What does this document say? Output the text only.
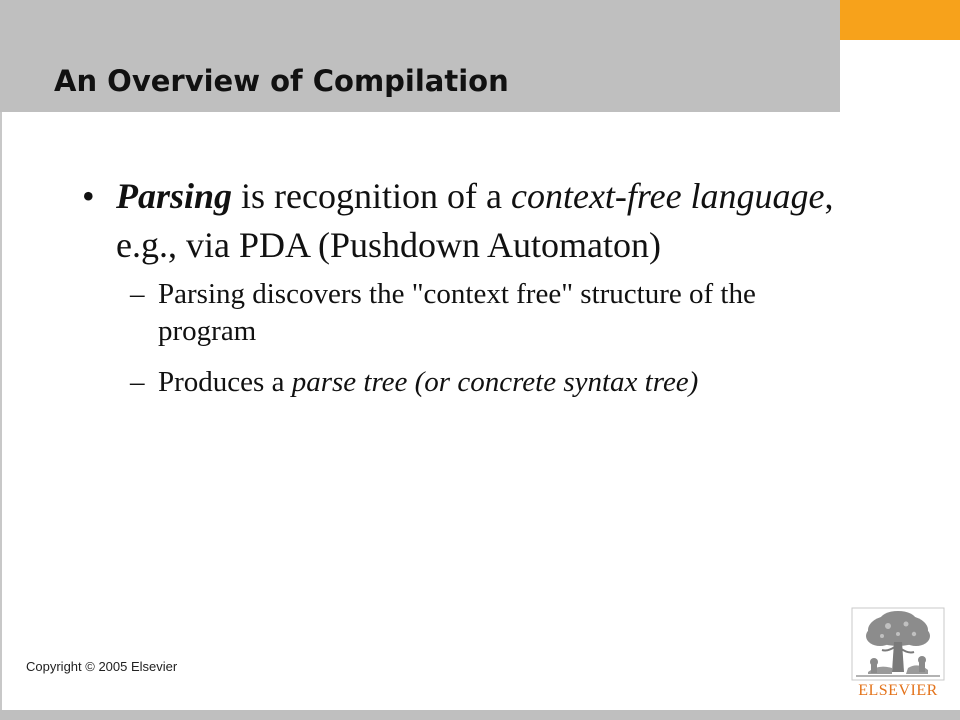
An Overview of Compilation

• Parsing is recognition of a context-free language, e.g., via PDA (Pushdown Automaton)

– Parsing discovers the "context free" structure of the program

– Produces a parse tree (or concrete syntax tree)

Copyright © 2005 Elsevier
ELSEVIER
